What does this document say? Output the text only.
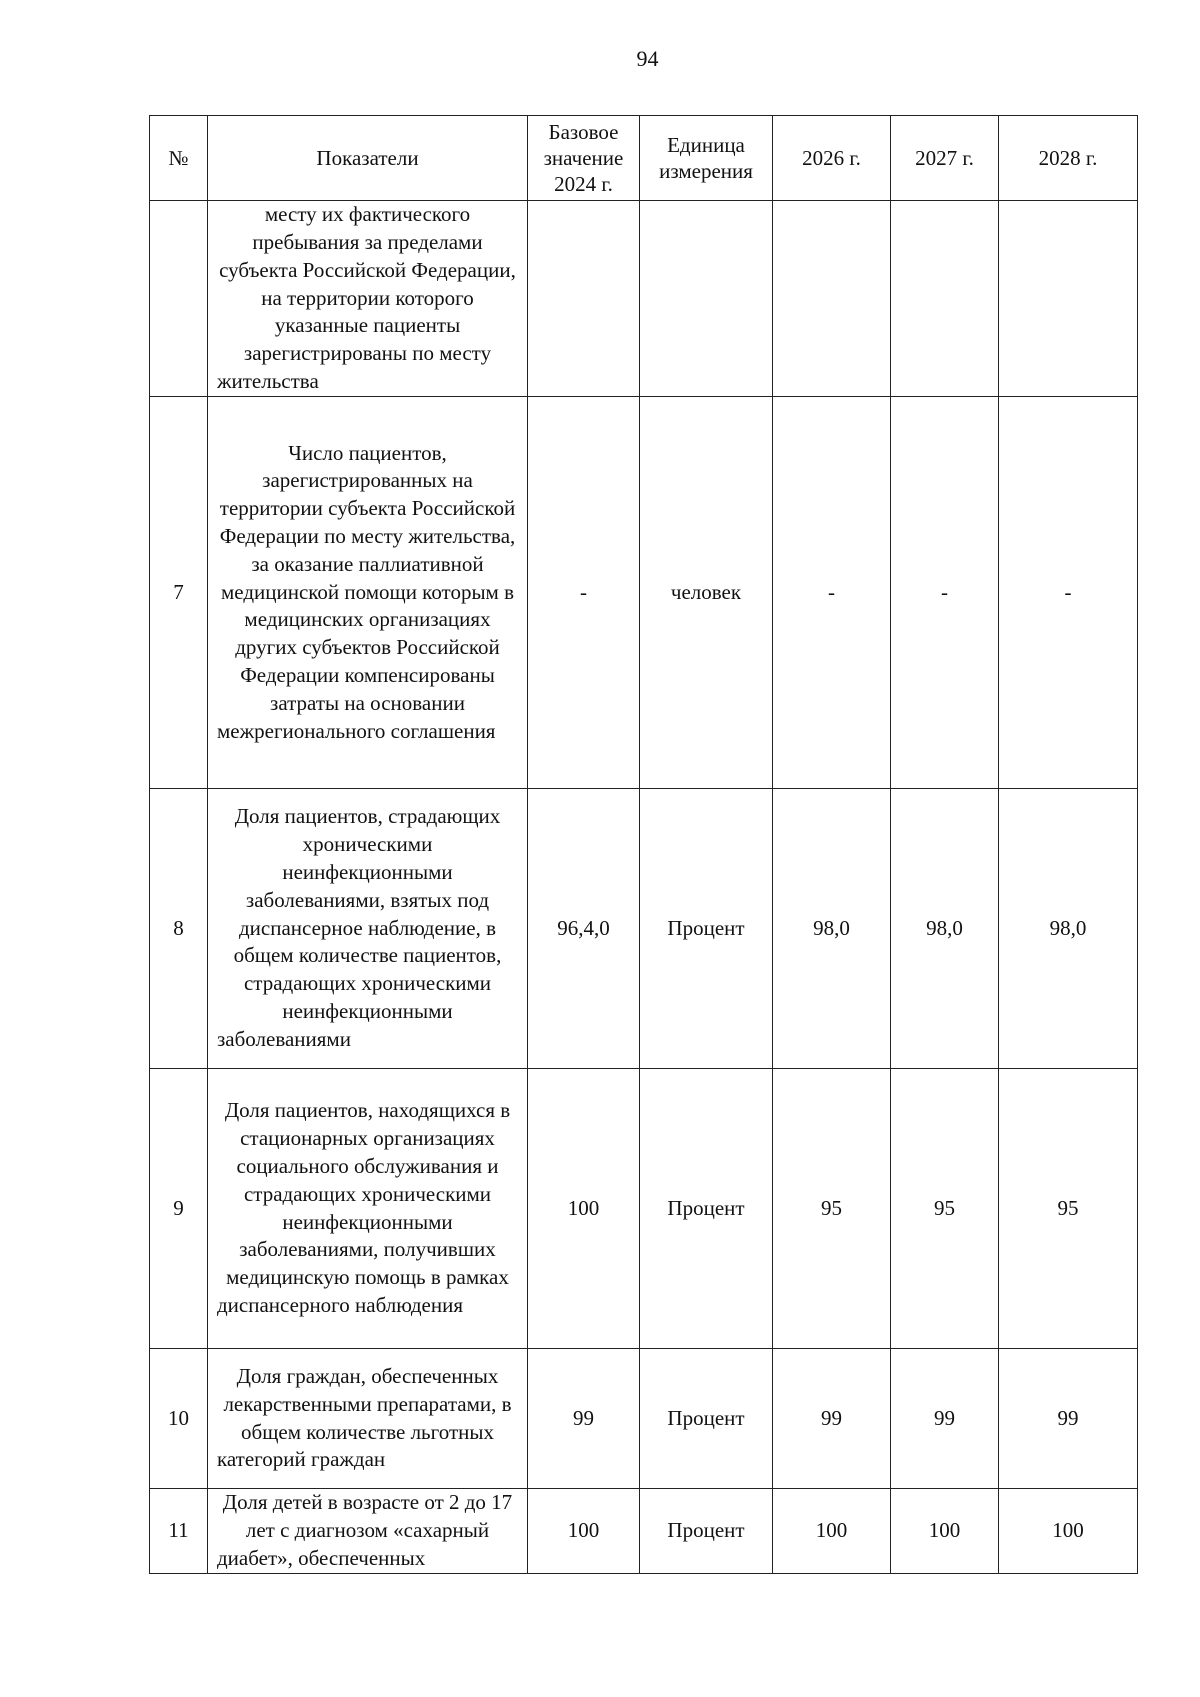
94
№	Показатели	Базовое значение 2024 г.	Единица измерения	2026 г.	2027 г.	2028 г.
	месту их фактического пребывания за пределами субъекта Российской Федерации, на территории которого указанные пациенты зарегистрированы по месту жительства					
7	Число пациентов, зарегистрированных на территории субъекта Российской Федерации по месту жительства, за оказание паллиативной медицинской помощи которым в медицинских организациях других субъектов Российской Федерации компенсированы затраты на основании межрегионального соглашения	-	человек	-	-	-
8	Доля пациентов, страдающих хроническими неинфекционными заболеваниями, взятых под диспансерное наблюдение, в общем количестве пациентов, страдающих хроническими неинфекционными заболеваниями	96,4,0	Процент	98,0	98,0	98,0
9	Доля пациентов, находящихся в стационарных организациях социального обслуживания и страдающих хроническими неинфекционными заболеваниями, получивших медицинскую помощь в рамках диспансерного наблюдения	100	Процент	95	95	95
10	Доля граждан, обеспеченных лекарственными препаратами, в общем количестве льготных категорий граждан	99	Процент	99	99	99
11	Доля детей в возрасте от 2 до 17 лет с диагнозом «сахарный диабет», обеспеченных	100	Процент	100	100	100
